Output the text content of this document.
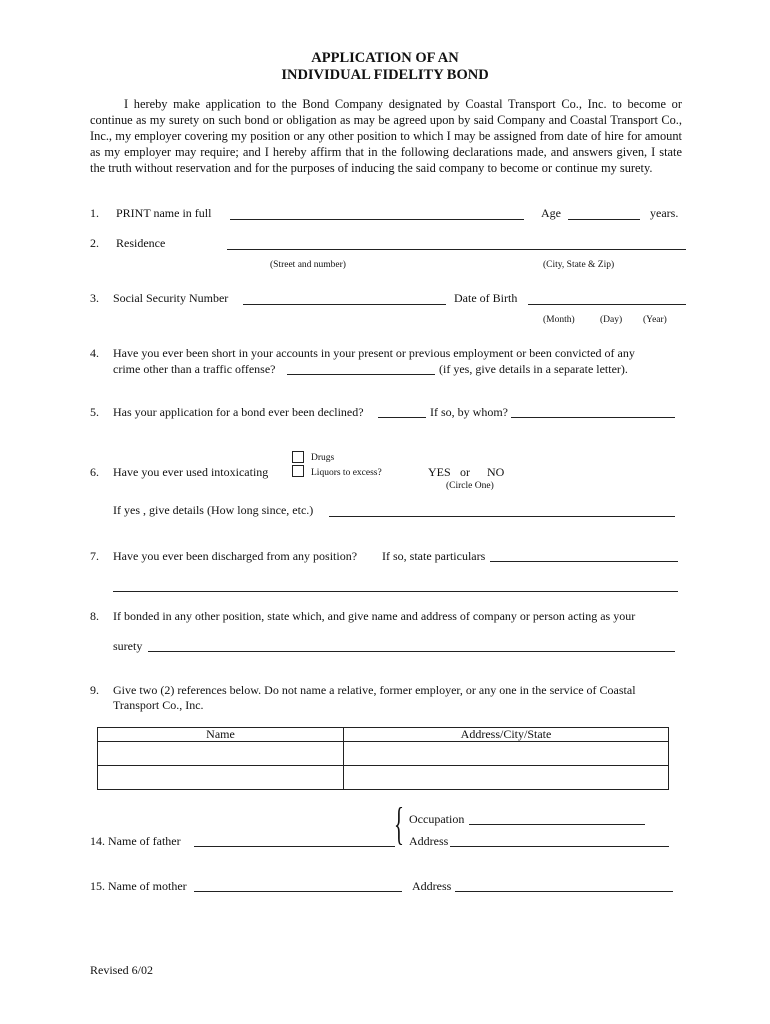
APPLICATION OF AN
INDIVIDUAL FIDELITY BOND
I hereby make application to the Bond Company designated by Coastal Transport Co., Inc. to become or continue as my surety on such bond or obligation as may be agreed upon by said Company and Coastal Transport Co., Inc., my employer covering my position or any other position to which I may be assigned from date of hire for amount as my employer may require; and I hereby affirm that in the following declarations made, and answers given, I state the truth without reservation and for the purposes of inducing the said company to become or continue my surety.
1. PRINT name in full	Age	years.
2. Residence
(Street and number)	(City, State & Zip)
3. Social Security Number	Date of Birth
(Month)	(Day) (Year)
4. Have you ever been short in your accounts in your present or previous employment or been convicted of any
crime other than a traffic offense?	(if yes, give details in a separate letter).
5. Has your application for a bond ever been declined?	If so, by whom?
Drugs
Liquors to excess?
6. Have you ever used intoxicating	YES or NO
(Circle One)
If yes , give details (How long since, etc.)
7. Have you ever been discharged from any position? If so, state particulars
8. If bonded in any other position, state which, and give name and address of company or person acting as your
surety
9. Give two (2) references below. Do not name a relative, former employer, or any one in the service of Coastal
Transport Co., Inc.
Name	Address/City/State

{ Occupation
14. Name of father	Address
15. Name of mother	Address
Revised 6/02
